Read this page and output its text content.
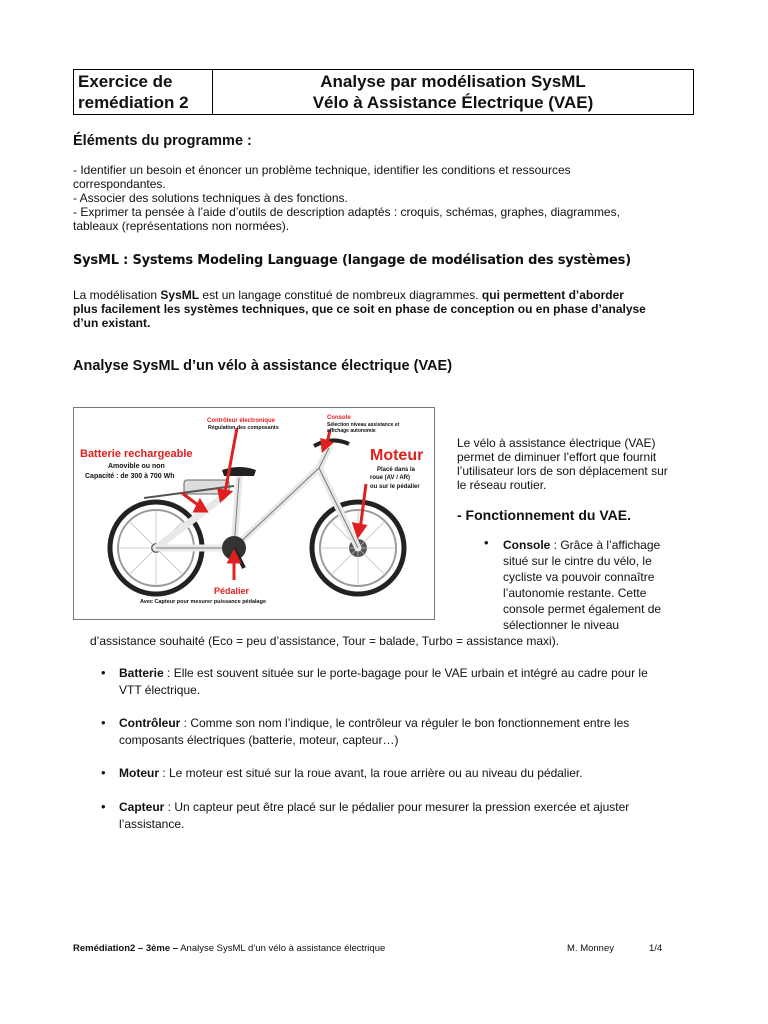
Exercice de
remédiation 2
Analyse par modélisation SysML
Vélo à Assistance Électrique (VAE)
Éléments du programme :
- Identifier un besoin et énoncer un problème technique, identifier les conditions et ressources
correspondantes.
- Associer des solutions techniques à des fonctions.
- Exprimer ta pensée à l’aide d’outils de description adaptés : croquis, schémas, graphes, diagrammes,
tableaux (représentations non normées).
SysML : Systems Modeling Language (langage de modélisation des systèmes)
La modélisation SysML est un langage constitué de nombreux diagrammes. qui permettent d’aborder
plus facilement les systèmes techniques, que ce soit en phase de conception ou en phase d’analyse
d’un existant.
Analyse SysML d’un vélo à assistance électrique (VAE)
Contrôleur électronique
Régulation des composants
Console
Sélection niveau assistance et
affichage autonomie
Batterie rechargeable
Amovible ou non
Capacité : de 300 à 700 Wh
Moteur
Placé dans la
roue (AV / AR)
ou sur le pédalier
Pédalier
Avec Capteur pour mesurer puissance pédalage
Le vélo à assistance électrique (VAE)
permet de diminuer l’effort que fournit
l’utilisateur lors de son déplacement sur
le réseau routier.
- Fonctionnement du VAE.
• Console : Grâce à l’affichage
situé sur le cintre du vélo, le
cycliste va pouvoir connaître
l’autonomie restante. Cette
console permet également de
sélectionner le niveau
d’assistance souhaité (Eco = peu d’assistance, Tour = balade, Turbo = assistance maxi).
• Batterie : Elle est souvent située sur le porte-bagage pour le VAE urbain et intégré au cadre pour le
VTT électrique.
• Contrôleur : Comme son nom l’indique, le contrôleur va réguler le bon fonctionnement entre les
composants électriques (batterie, moteur, capteur…)
• Moteur : Le moteur est situé sur la roue avant, la roue arrière ou au niveau du pédalier.
• Capteur : Un capteur peut être placé sur le pédalier pour mesurer la pression exercée et ajuster
l’assistance.
Remédiation2 – 3ème – Analyse SysML d’un vélo à assistance électrique	M. Monney	1/4
